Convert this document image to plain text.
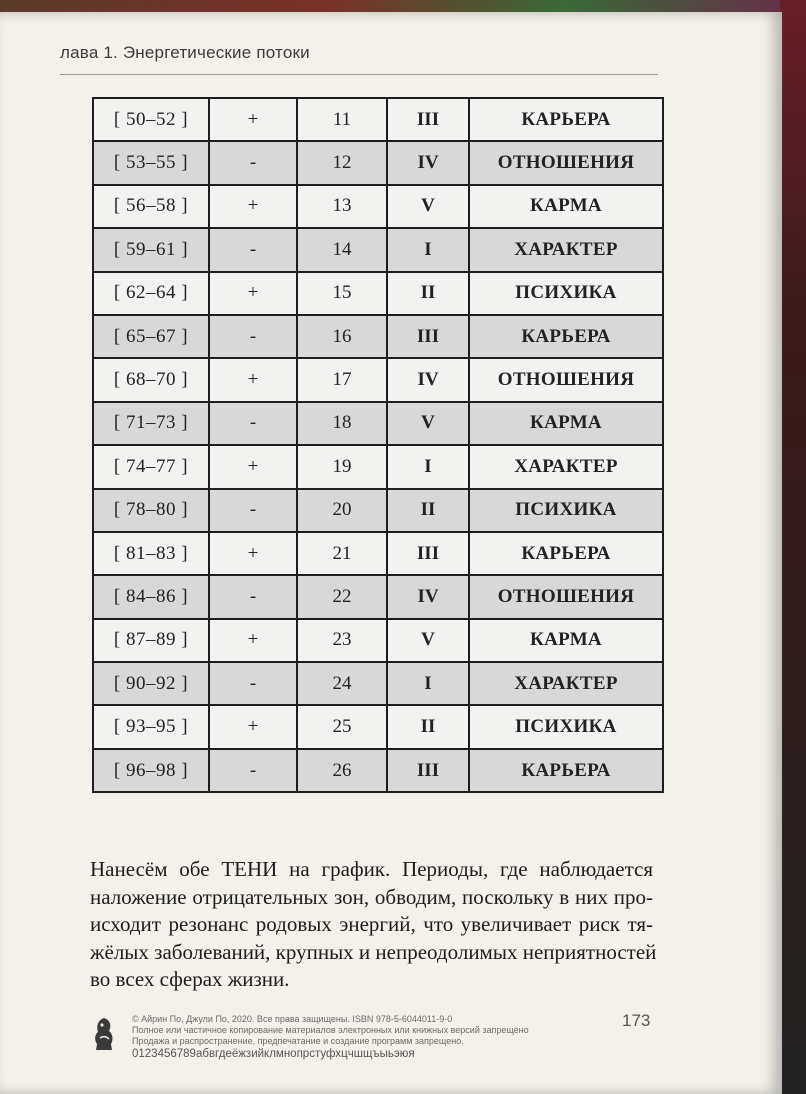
лава 1. Энергетические потоки
[ 50–52 ]	+	11	III	КАРЬЕРА
[ 53–55 ]	-	12	IV	ОТНОШЕНИЯ
[ 56–58 ]	+	13	V	КАРМА
[ 59–61 ]	-	14	I	ХАРАКТЕР
[ 62–64 ]	+	15	II	ПСИХИКА
[ 65–67 ]	-	16	III	КАРЬЕРА
[ 68–70 ]	+	17	IV	ОТНОШЕНИЯ
[ 71–73 ]	-	18	V	КАРМА
[ 74–77 ]	+	19	I	ХАРАКТЕР
[ 78–80 ]	-	20	II	ПСИХИКА
[ 81–83 ]	+	21	III	КАРЬЕРА
[ 84–86 ]	-	22	IV	ОТНОШЕНИЯ
[ 87–89 ]	+	23	V	КАРМА
[ 90–92 ]	-	24	I	ХАРАКТЕР
[ 93–95 ]	+	25	II	ПСИХИКА
[ 96–98 ]	-	26	III	КАРЬЕРА
Нанесём обе ТЕНИ на график. Периоды, где наблюдается
наложение отрицательных зон, обводим, поскольку в них про-
исходит резонанс родовых энергий, что увеличивает риск тя-
жёлых заболеваний, крупных и непреодолимых неприятностей
во всех сферах жизни.
© Айрин По, Джули По, 2020. Все права защищены. ISBN 978-5-6044011-9-0
Полное или частичное копирование материалов электронных или книжных версий запрещено
Продажа и распространение, предпечатание и создание программ запрещено.
0123456789абвгдеёжзийклмнопрстуфхцчшщъыьэюя
173
